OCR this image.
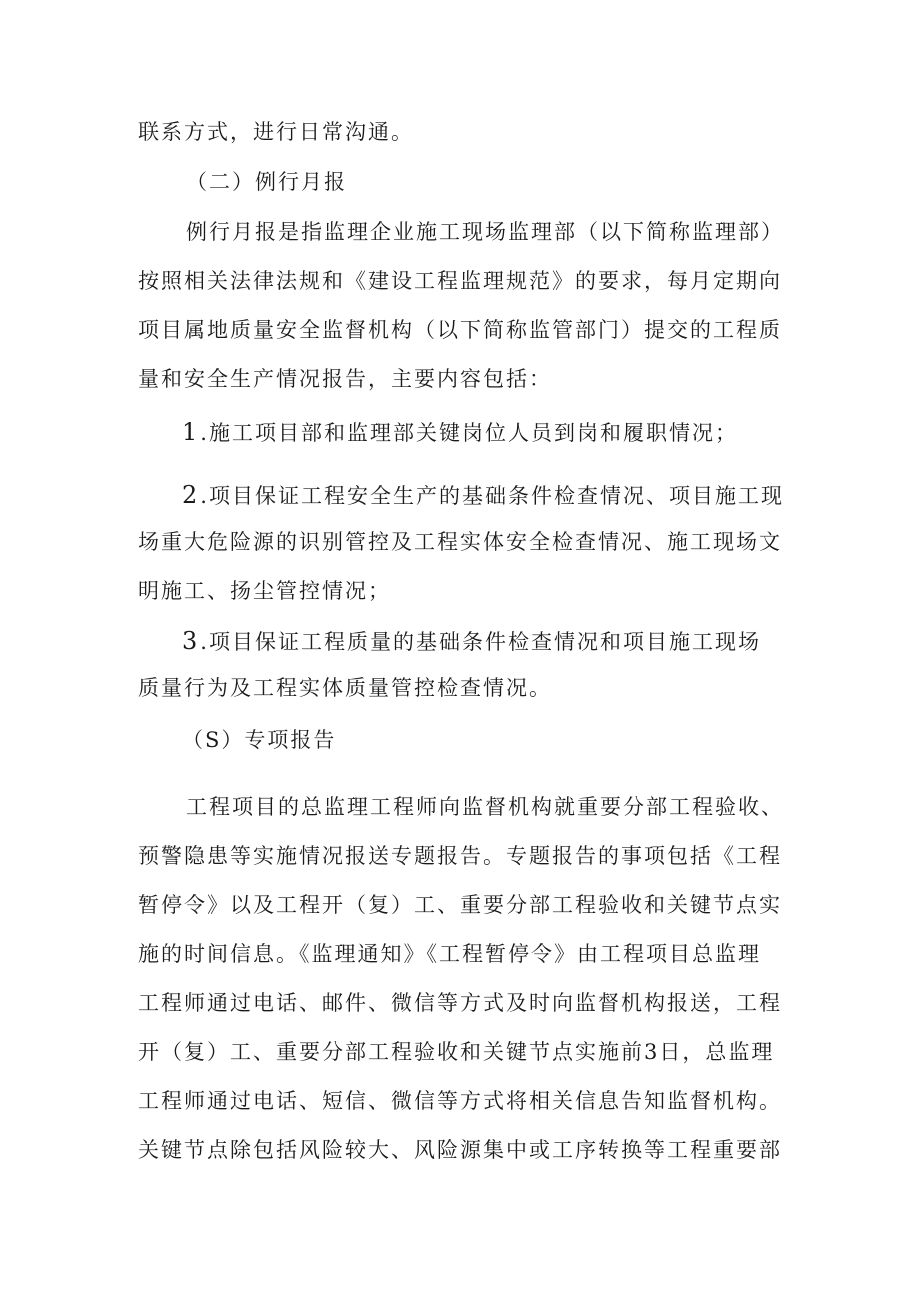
联系方式，进行日常沟通。
（二）例行月报
例行月报是指监理企业施工现场监理部（以下简称监理部）
按照相关法律法规和《建设工程监理规范》的要求，每月定期向
项目属地质量安全监督机构（以下简称监管部门）提交的工程质
量和安全生产情况报告，主要内容包括：
1 .施工项目部和监理部关键岗位人员到岗和履职情况；
2 .项目保证工程安全生产的基础条件检查情况、项目施工现
场重大危险源的识别管控及工程实体安全检查情况、施工现场文
明施工、扬尘管控情况；
3 .项目保证工程质量的基础条件检查情况和项目施工现场
质量行为及工程实体质量管控检查情况。
（S）专项报告
工程项目的总监理工程师向监督机构就重要分部工程验收、
预警隐患等实施情况报送专题报告。专题报告的事项包括《工程
暂停令》以及工程开（复）工、重要分部工程验收和关键节点实
施的时间信息。《监理通知》《工程暂停令》由工程项目总监理
工程师通过电话、邮件、微信等方式及时向监督机构报送，工程
开（复）工、重要分部工程验收和关键节点实施前3日，总监理
工程师通过电话、短信、微信等方式将相关信息告知监督机构。
关键节点除包括风险较大、风险源集中或工序转换等工程重要部
